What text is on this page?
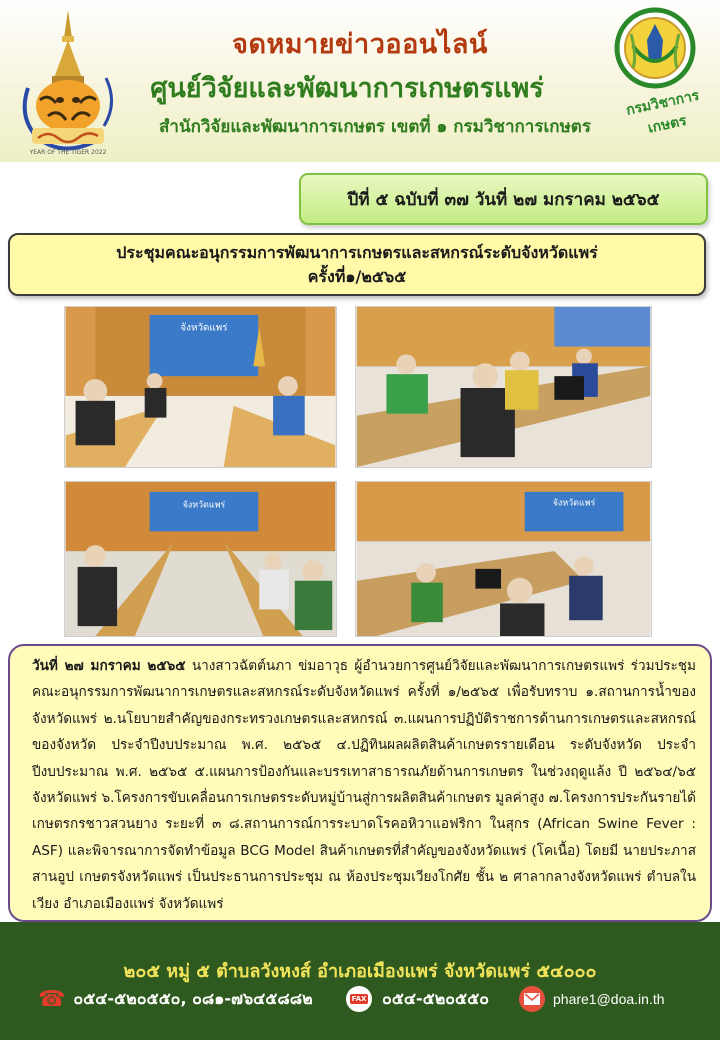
YEAR OF THE TIGER 2022
จดหมายข่าวออนไลน์
ศูนย์วิจัยและพัฒนาการเกษตรแพร่
สำนักวิจัยและพัฒนาการเกษตร เขตที่ ๑ กรมวิชาการเกษตร
กรมวิชาการเกษตร
ปีที่ ๕ ฉบับที่ ๓๗ วันที่ ๒๗ มกราคม ๒๕๖๕
ประชุมคณะอนุกรรมการพัฒนาการเกษตรและสหกรณ์ระดับจังหวัดแพร่
ครั้งที่๑/๒๕๖๕
จังหวัดแพร่
จังหวัดแพร่	จังหวัดแพร่
วันที่ ๒๗ มกราคม ๒๕๖๕ นางสาวฉัตต์นภา ข่มอาวุธ ผู้อำนวยการศูนย์วิจัยและพัฒนาการเกษตรแพร่ ร่วมประชุมคณะอนุกรรมการพัฒนาการเกษตรและสหกรณ์ระดับจังหวัดแพร่ ครั้งที่ ๑/๒๕๖๕ เพื่อรับทราบ ๑.สถานการน้ำของจังหวัดแพร่ ๒.นโยบายสำคัญของกระทรวงเกษตรและสหกรณ์ ๓.แผนการปฏิบัติราชการด้านการเกษตรและสหกรณ์ของจังหวัด ประจำปีงบประมาณ พ.ศ. ๒๕๖๕ ๔.ปฏิทินผลผลิตสินค้าเกษตรรายเดือน ระดับจังหวัด ประจำปีงบประมาณ พ.ศ. ๒๕๖๕ ๕.แผนการป้องกันและบรรเทาสาธารณภัยด้านการเกษตร ในช่วงฤดูแล้ง ปี ๒๕๖๔/๖๕ จังหวัดแพร่ ๖.โครงการขับเคลื่อนการเกษตรระดับหมู่บ้านสู่การผลิตสินค้าเกษตร มูลค่าสูง ๗.โครงการประกันรายได้เกษตรกรชาวสวนยาง ระยะที่ ๓ ๘.สถานการณ์การระบาดโรคอหิวาแอฟริกา ในสุกร (African Swine Fever : ASF) และพิจารณาการจัดทำข้อมูล BCG Model สินค้าเกษตรที่สำคัญของจังหวัดแพร่ (โคเนื้อ) โดยมี นายประภาส สานอูป เกษตรจังหวัดแพร่ เป็นประธานการประชุม ณ ห้องประชุมเวียงโกศัย ชั้น ๒ ศาลากลางจังหวัดแพร่ ตำบลในเวียง อำเภอเมืองแพร่ จังหวัดแพร่
๒๐๕ หมู่ ๕ ตำบลวังหงส์ อำเภอเมืองแพร่ จังหวัดแพร่ ๕๔๐๐๐
☎ ๐๕๔-๕๒๐๕๕๐, ๐๘๑-๗๖๔๕๘๘๒	FAX ๐๕๔-๕๒๐๕๕๐	phare1@doa.in.th
